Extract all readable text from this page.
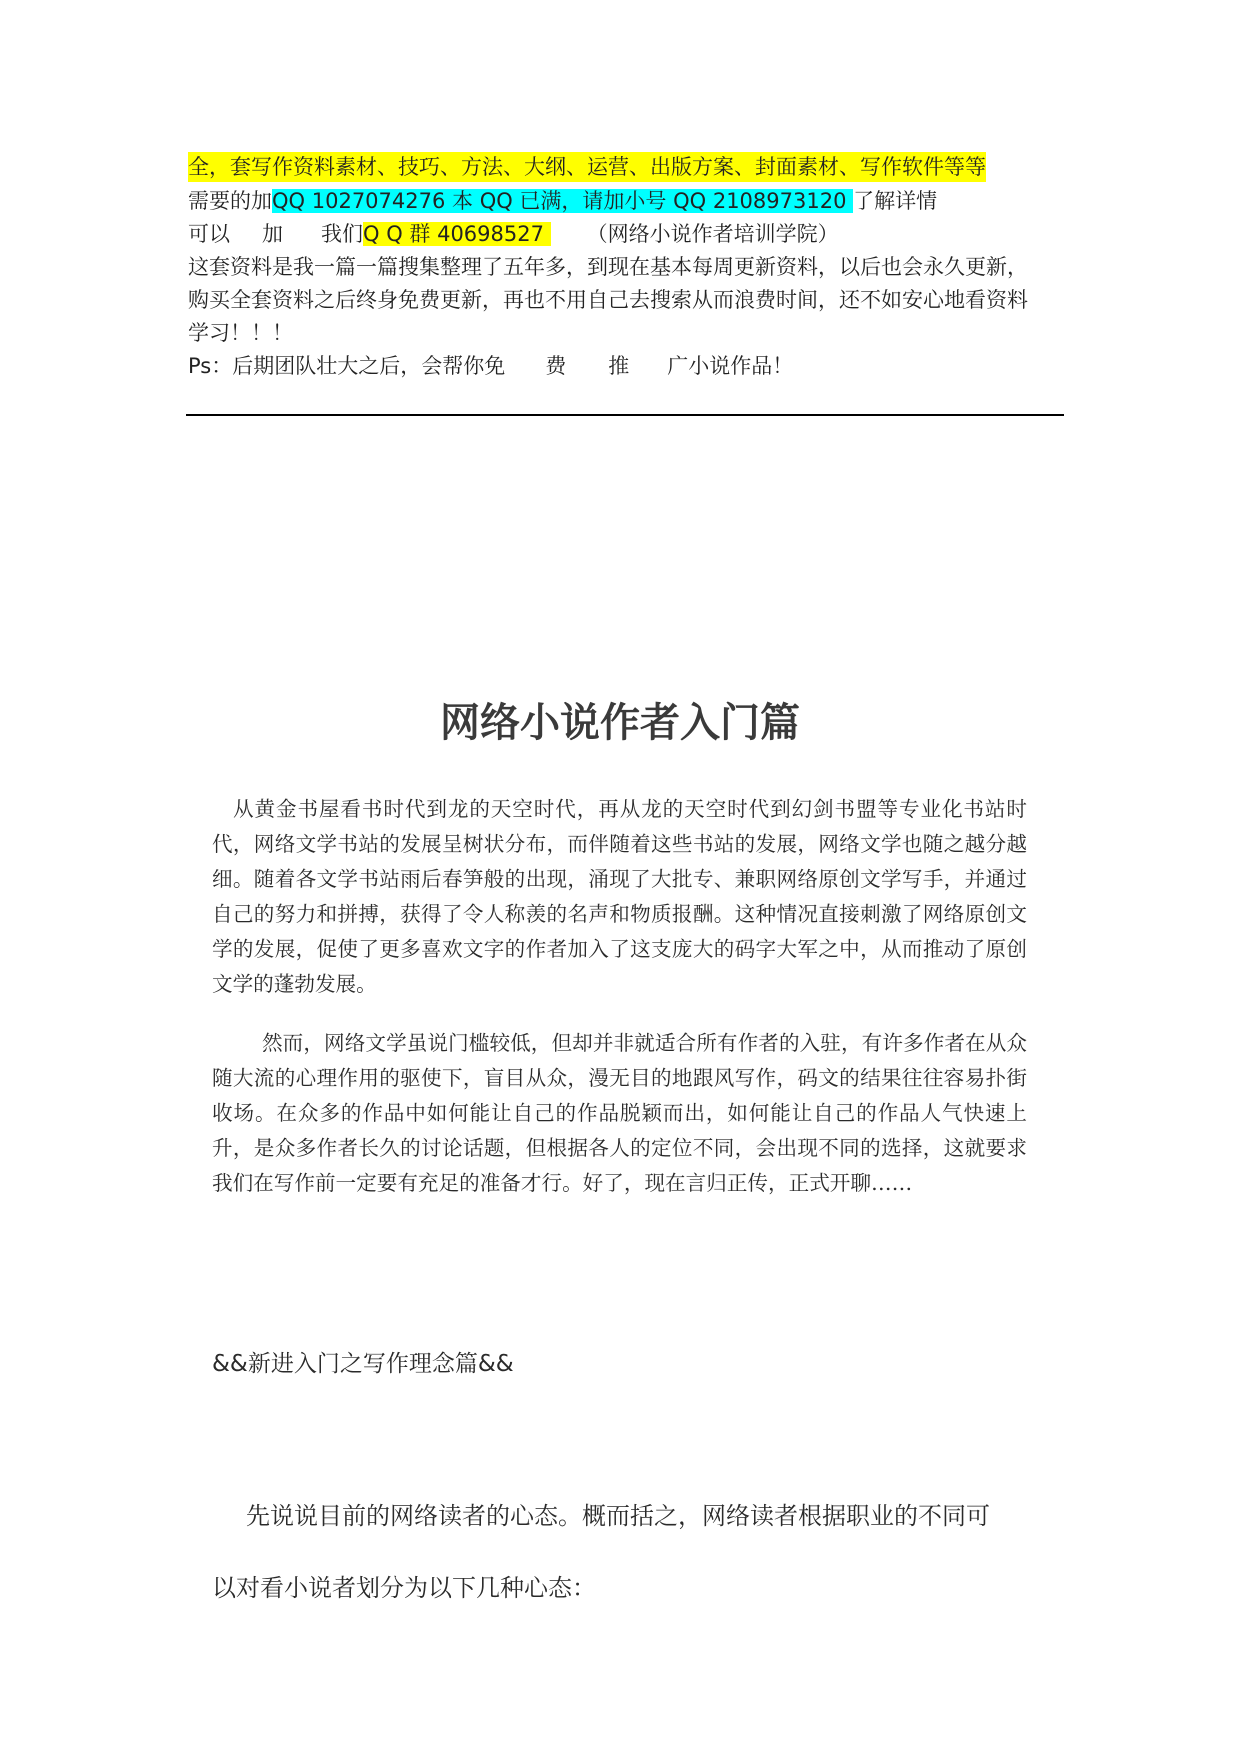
全，套写作资料素材、技巧、方法、大纲、运营、出版方案、封面素材、写作软件等等
需要的加QQ 1027074276 本 QQ 已满，请加小号 QQ 2108973120 了解详情
可以 加 我们Q Q 群 40698527 （网络小说作者培训学院）
这套资料是我一篇一篇搜集整理了五年多，到现在基本每周更新资料，以后也会永久更新，
购买全套资料之后终身免费更新，再也不用自己去搜索从而浪费时间，还不如安心地看资料
学习！！！
Ps：后期团队壮大之后，会帮你免 费 推 广小说作品！
网络小说作者入门篇

从黄金书屋看书时代到龙的天空时代，再从龙的天空时代到幻剑书盟等专业化书站时代，网络文学书站的发展呈树状分布，而伴随着这些书站的发展，网络文学也随之越分越细。随着各文学书站雨后春笋般的出现，涌现了大批专、兼职网络原创文学写手，并通过自己的努力和拼搏，获得了令人称羡的名声和物质报酬。这种情况直接刺激了网络原创文学的发展，促使了更多喜欢文字的作者加入了这支庞大的码字大军之中，从而推动了原创文学的蓬勃发展。

然而，网络文学虽说门槛较低，但却并非就适合所有作者的入驻，有许多作者在从众随大流的心理作用的驱使下，盲目从众，漫无目的地跟风写作，码文的结果往往容易扑街收场。在众多的作品中如何能让自己的作品脱颖而出，如何能让自己的作品人气快速上升，是众多作者长久的讨论话题，但根据各人的定位不同，会出现不同的选择，这就要求我们在写作前一定要有充足的准备才行。好了，现在言归正传，正式开聊……

&&新进入门之写作理念篇&&
先说说目前的网络读者的心态。概而括之，网络读者根据职业的不同可
以对看小说者划分为以下几种心态：
